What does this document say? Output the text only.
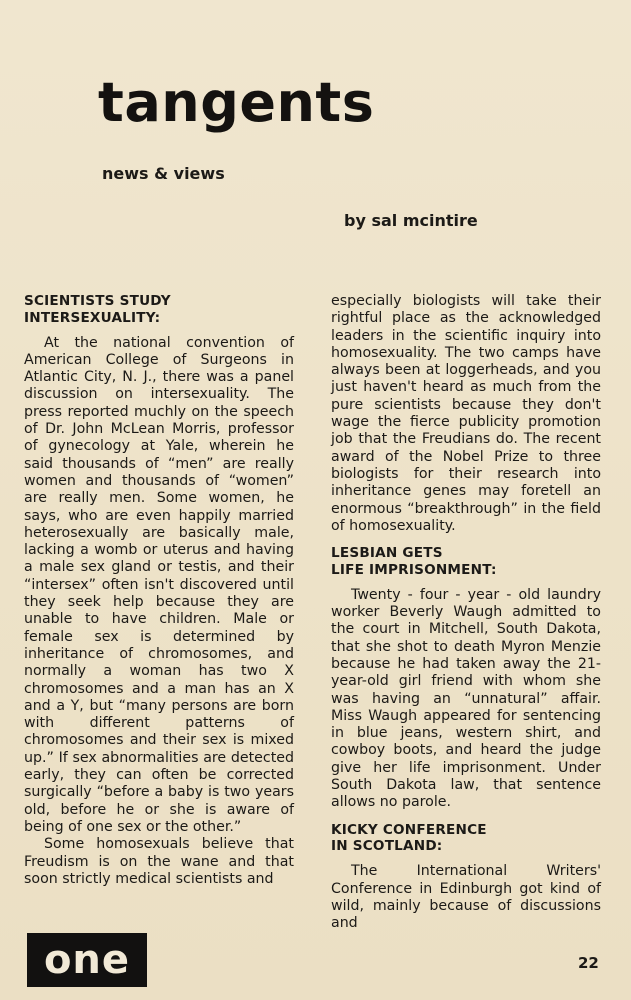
tangents
news & views
by sal mcintire
SCIENTISTS STUDY
INTERSEXUALITY:

At the national convention of American College of Surgeons in Atlantic City, N. J., there was a panel discussion on intersexuality. The press reported muchly on the speech of Dr. John McLean Morris, professor of gynecology at Yale, wherein he said thousands of “men” are really women and thousands of “women” are really men. Some women, he says, who are even happily married heterosexually are basically male, lacking a womb or uterus and having a male sex gland or testis, and their “intersex” often isn't discovered until they seek help because they are unable to have children. Male or female sex is determined by inheritance of chromosomes, and normally a woman has two X chromosomes and a man has an X and a Y, but “many persons are born with different patterns of chromosomes and their sex is mixed up.” If sex abnormalities are detected early, they can often be corrected surgically “before a baby is two years old, before he or she is aware of being of one sex or the other.”

Some homosexuals believe that Freudism is on the wane and that soon strictly medical scientists and

especially biologists will take their rightful place as the acknowledged leaders in the scientific inquiry into homosexuality. The two camps have always been at loggerheads, and you just haven't heard as much from the pure scientists because they don't wage the fierce publicity promotion job that the Freudians do. The recent award of the Nobel Prize to three biologists for their research into inheritance genes may foretell an enormous “breakthrough” in the field of homosexuality.

LESBIAN GETS
LIFE IMPRISONMENT:

Twenty - four - year - old laundry worker Beverly Waugh admitted to the court in Mitchell, South Dakota, that she shot to death Myron Menzie because he had taken away the 21-year-old girl friend with whom she was having an “unnatural” affair. Miss Waugh appeared for sentencing in blue jeans, western shirt, and cowboy boots, and heard the judge give her life imprisonment. Under South Dakota law, that sentence allows no parole.

KICKY CONFERENCE
IN SCOTLAND:

The International Writers' Conference in Edinburgh got kind of wild, mainly because of discussions and

one	22
